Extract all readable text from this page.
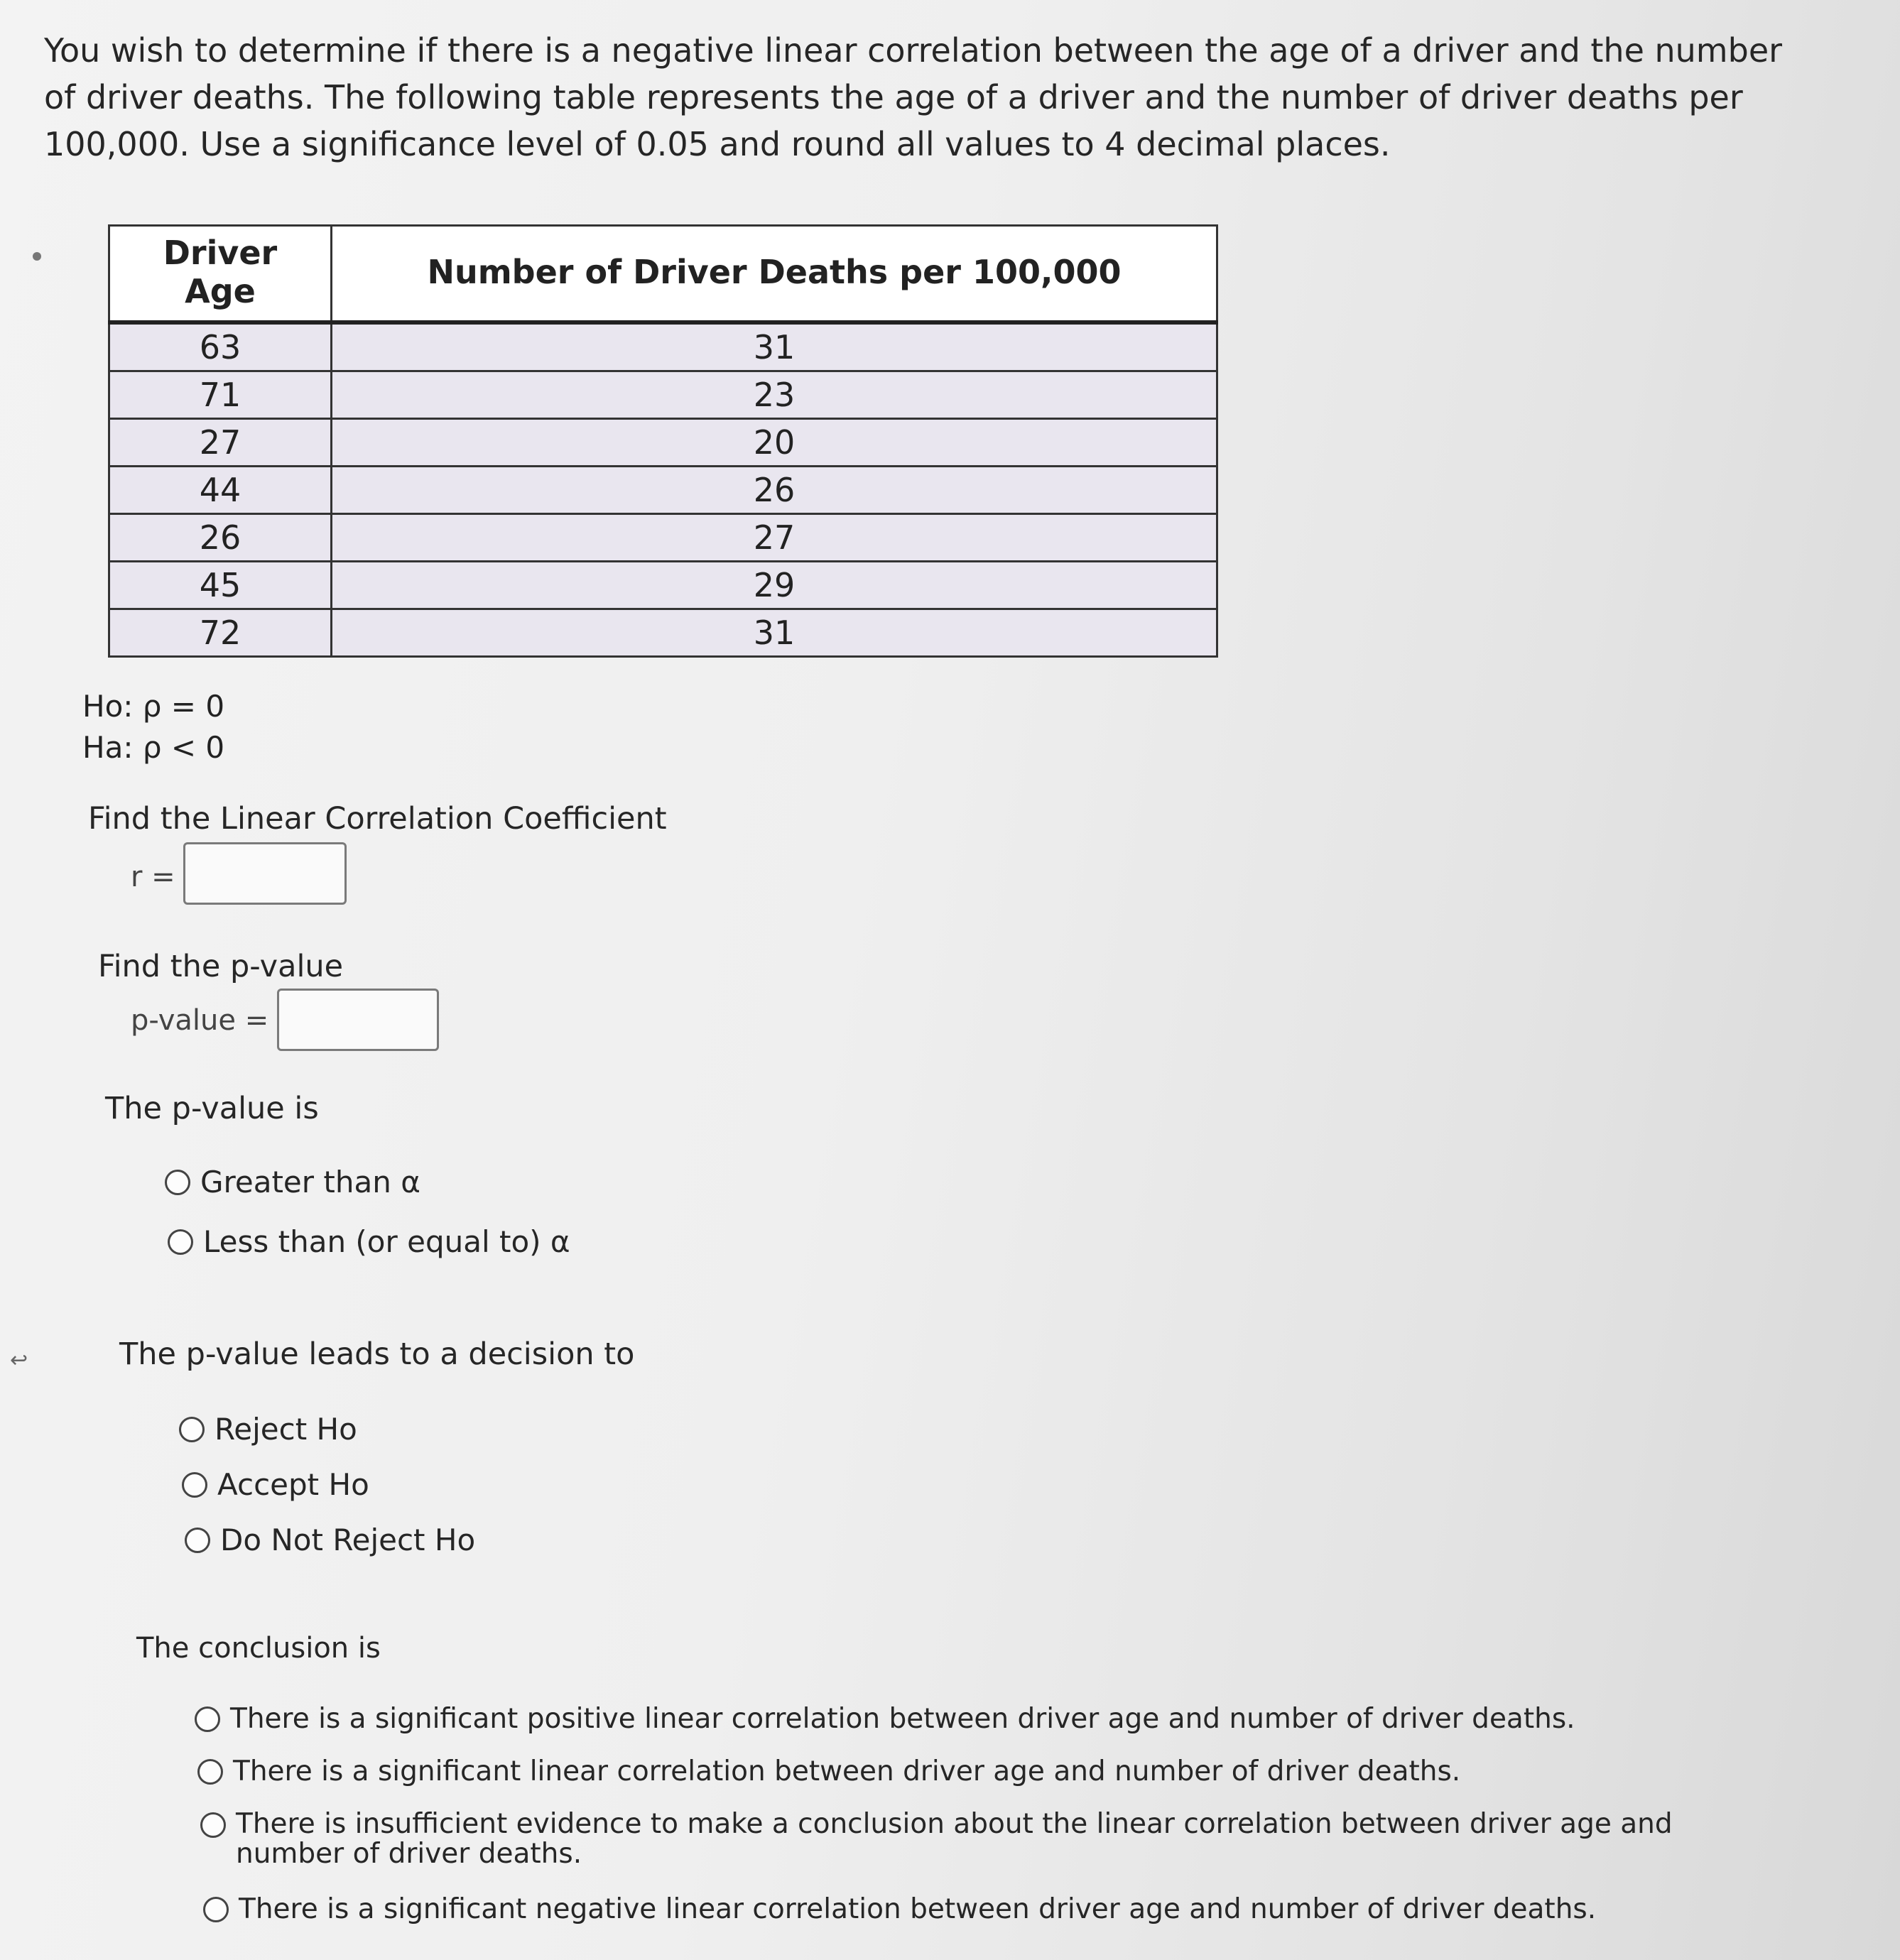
You wish to determine if there is a negative linear correlation between the age of a driver and the number of driver deaths. The following table represents the age of a driver and the number of driver deaths per 100,000. Use a significance level of 0.05 and round all values to 4 decimal places.

↩
Driver Age	Number of Driver Deaths per 100,000
63	31
71	23
27	20
44	26
26	27
45	29
72	31
Ho: ρ = 0
Ha: ρ < 0
Find the Linear Correlation Coefficient
r =
Find the p-value
p-value =
The p-value is
Greater than α
Less than (or equal to) α
The p-value leads to a decision to
Reject Ho
Accept Ho
Do Not Reject Ho
The conclusion is
There is a significant positive linear correlation between driver age and number of driver deaths.
There is a significant linear correlation between driver age and number of driver deaths.
There is insufficient evidence to make a conclusion about the linear correlation between driver age and number of driver deaths.
There is a significant negative linear correlation between driver age and number of driver deaths.
